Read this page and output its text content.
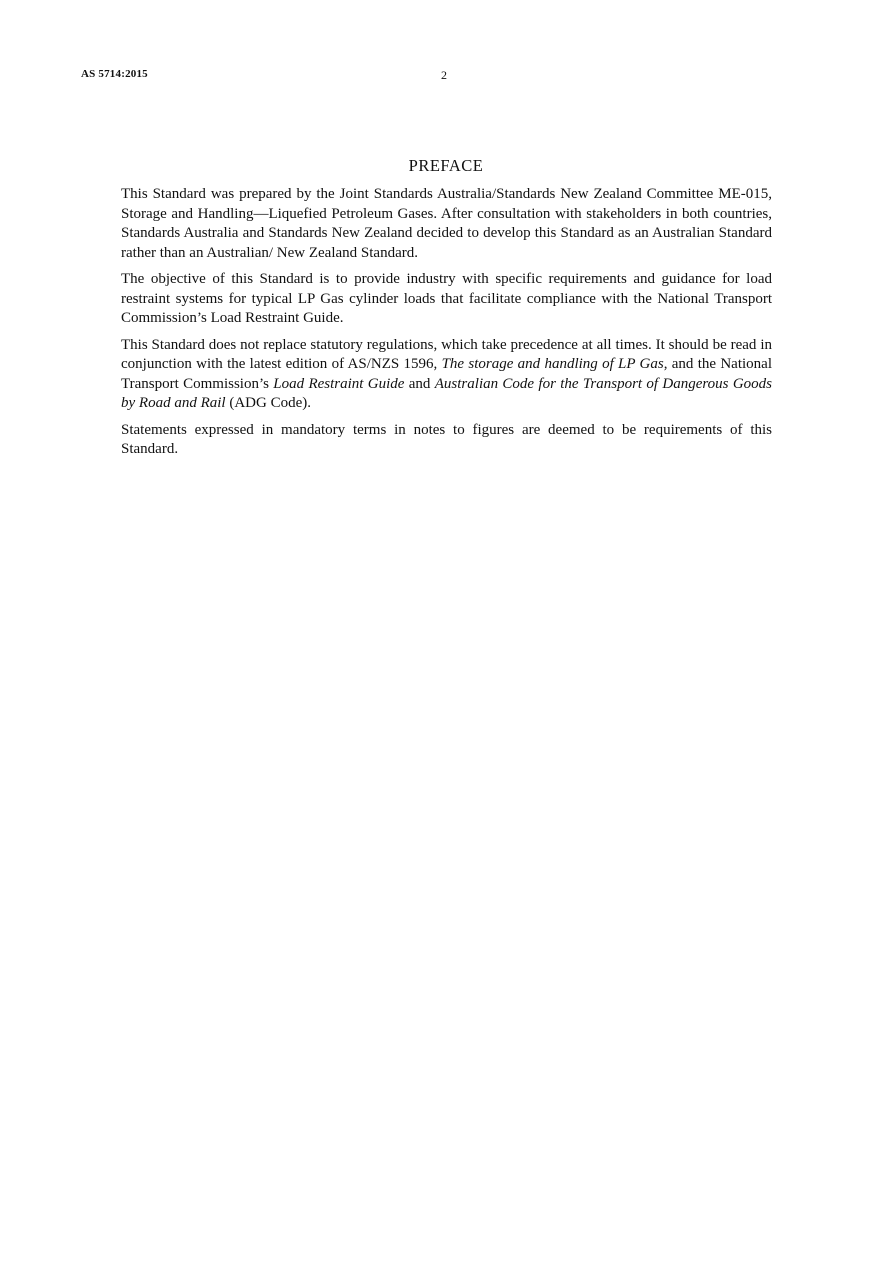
AS 5714:2015	2
PREFACE

This Standard was prepared by the Joint Standards Australia/Standards New Zealand Committee ME-015, Storage and Handling—Liquefied Petroleum Gases. After consultation with stakeholders in both countries, Standards Australia and Standards New Zealand decided to develop this Standard as an Australian Standard rather than an Australian/ New Zealand Standard.

The objective of this Standard is to provide industry with specific requirements and guidance for load restraint systems for typical LP Gas cylinder loads that facilitate compliance with the National Transport Commission’s Load Restraint Guide.

This Standard does not replace statutory regulations, which take precedence at all times. It should be read in conjunction with the latest edition of AS/NZS 1596, The storage and handling of LP Gas, and the National Transport Commission’s Load Restraint Guide and Australian Code for the Transport of Dangerous Goods by Road and Rail (ADG Code).

Statements expressed in mandatory terms in notes to figures are deemed to be requirements of this Standard.
